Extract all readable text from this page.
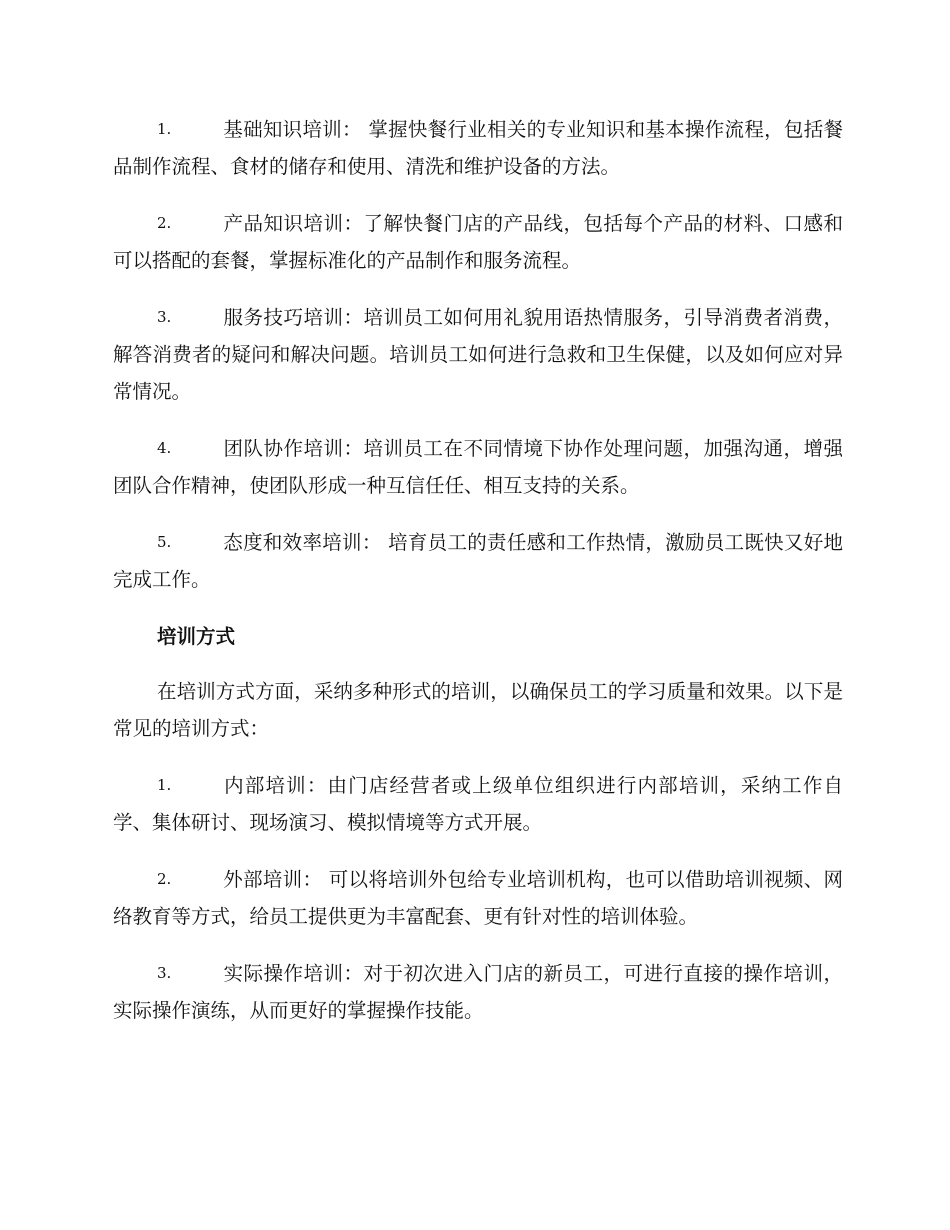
1.	基础知识培训： 掌握快餐行业相关的专业知识和基本操作流程，包括餐品制作流程、食材的储存和使用、清洗和维护设备的方法。

2.	产品知识培训：了解快餐门店的产品线，包括每个产品的材料、口感和可以搭配的套餐，掌握标准化的产品制作和服务流程。

3.	服务技巧培训：培训员工如何用礼貌用语热情服务，引导消费者消费，解答消费者的疑问和解决问题。培训员工如何进行急救和卫生保健，以及如何应对异常情况。

4.	团队协作培训：培训员工在不同情境下协作处理问题，加强沟通，增强团队合作精神，使团队形成一种互信任任、相互支持的关系。

5.	态度和效率培训： 培育员工的责任感和工作热情，激励员工既快又好地完成工作。

培训方式

在培训方式方面，采纳多种形式的培训，以确保员工的学习质量和效果。以下是常见的培训方式：

1.	内部培训：由门店经营者或上级单位组织进行内部培训，采纳工作自学、集体研讨、现场演习、模拟情境等方式开展。

2.	外部培训： 可以将培训外包给专业培训机构，也可以借助培训视频、网络教育等方式，给员工提供更为丰富配套、更有针对性的培训体验。

3.	实际操作培训：对于初次进入门店的新员工，可进行直接的操作培训，实际操作演练，从而更好的掌握操作技能。
